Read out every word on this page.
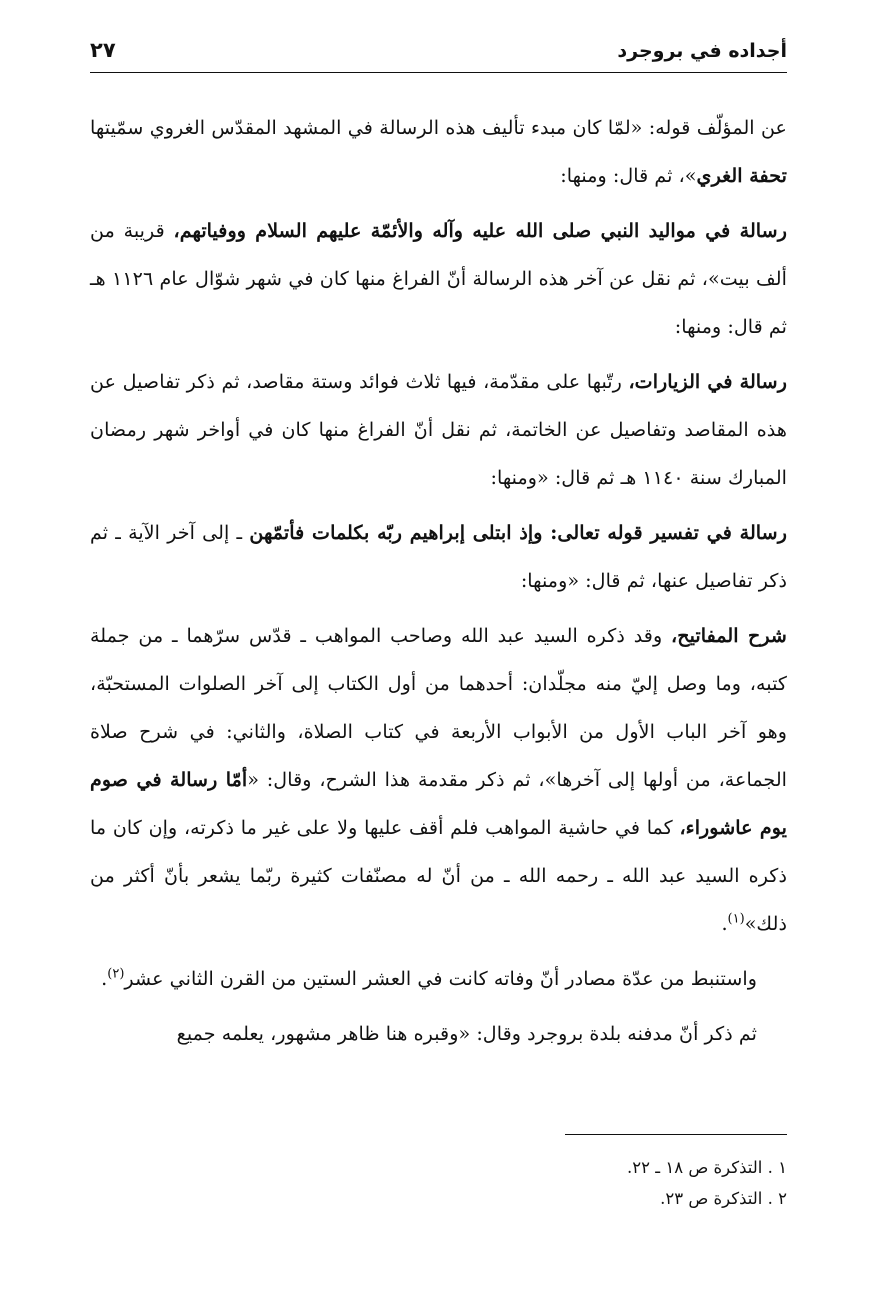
أجداده في بروجرد
٢٧

عن المؤلّف قوله: «لمّا كان مبدء تأليف هذه الرسالة في المشهد المقدّس الغروي سمّيتها تحفة الغري»، ثم قال: ومنها:

رسالة في مواليد النبي صلى الله عليه وآله والأئمّة عليهم السلام ووفياتهم، قريبة من ألف بيت»، ثم نقل عن آخر هذه الرسالة أنّ الفراغ منها كان في شهر شوّال عام ١١٢٦ هـ ثم قال: ومنها:

رسالة في الزيارات، رتّبها على مقدّمة، فيها ثلاث فوائد وستة مقاصد، ثم ذكر تفاصيل عن هذه المقاصد وتفاصيل عن الخاتمة، ثم نقل أنّ الفراغ منها كان في أواخر شهر رمضان المبارك سنة ١١٤٠ هـ ثم قال: «ومنها:

رسالة في تفسير قوله تعالى: وإذ ابتلى إبراهيم ربّه بكلمات فأتمّهن ـ إلى آخر الآية ـ ثم ذكر تفاصيل عنها، ثم قال: «ومنها:

شرح المفاتيح، وقد ذكره السيد عبد الله وصاحب المواهب ـ قدّس سرّهما ـ من جملة كتبه، وما وصل إليّ منه مجلّدان: أحدهما من أول الكتاب إلى آخر الصلوات المستحبّة، وهو آخر الباب الأول من الأبواب الأربعة في كتاب الصلاة، والثاني: في شرح صلاة الجماعة، من أولها إلى آخرها»، ثم ذكر مقدمة هذا الشرح، وقال: «أمّا رسالة في صوم يوم عاشوراء، كما في حاشية المواهب فلم أقف عليها ولا على غير ما ذكرته، وإن كان ما ذكره السيد عبد الله ـ رحمه الله ـ من أنّ له مصنّفات كثيرة ربّما يشعر بأنّ أكثر من ذلك»$^{(١)}$.

واستنبط من عدّة مصادر أنّ وفاته كانت في العشر الستين من القرن الثاني عشر$^{(٢)}$.

ثم ذكر أنّ مدفنه بلدة بروجرد وقال: «وقبره هنا ظاهر مشهور، يعلمه جميع

١ . التذكرة ص ١٨ ـ ٢٢.
٢ . التذكرة ص ٢٣.
